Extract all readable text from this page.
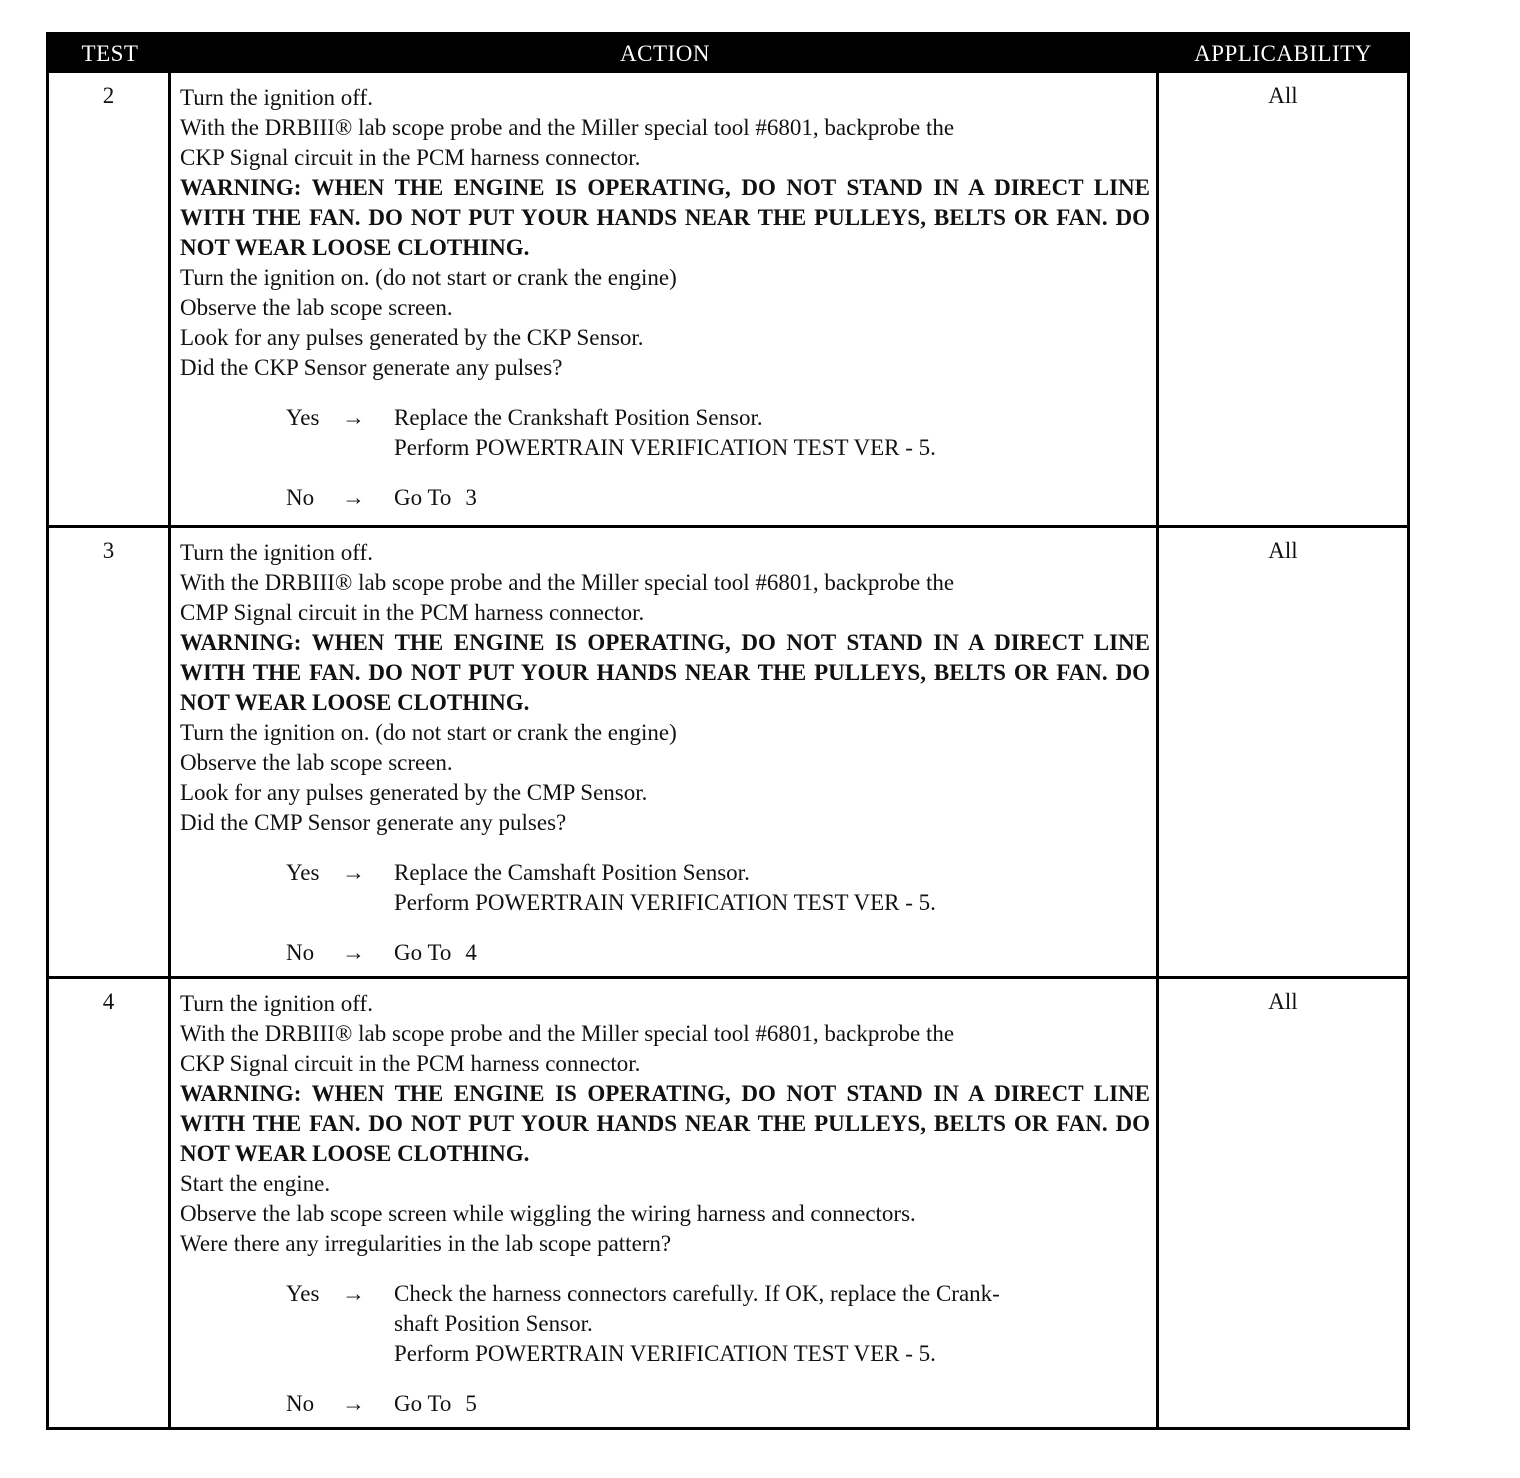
TEST	ACTION	APPLICABILITY
2	Turn the ignition off.
With the DRBIII® lab scope probe and the Miller special tool #6801, backprobe the
CKP Signal circuit in the PCM harness connector.
WARNING: WHEN THE ENGINE IS OPERATING, DO NOT STAND IN A DIRECT LINE WITH THE FAN. DO NOT PUT YOUR HANDS NEAR THE PULLEYS, BELTS OR FAN. DO NOT WEAR LOOSE CLOTHING.
Turn the ignition on. (do not start or crank the engine)
Observe the lab scope screen.
Look for any pulses generated by the CKP Sensor.
Did the CKP Sensor generate any pulses?
Yes →	Replace the Crankshaft Position Sensor.
Perform POWERTRAIN VERIFICATION TEST VER - 5.
No	→	Go To 3
All
3	Turn the ignition off.
With the DRBIII® lab scope probe and the Miller special tool #6801, backprobe the
CMP Signal circuit in the PCM harness connector.
WARNING: WHEN THE ENGINE IS OPERATING, DO NOT STAND IN A DIRECT LINE WITH THE FAN. DO NOT PUT YOUR HANDS NEAR THE PULLEYS, BELTS OR FAN. DO NOT WEAR LOOSE CLOTHING.
Turn the ignition on. (do not start or crank the engine)
Observe the lab scope screen.
Look for any pulses generated by the CMP Sensor.
Did the CMP Sensor generate any pulses?
Yes →	Replace the Camshaft Position Sensor.
Perform POWERTRAIN VERIFICATION TEST VER - 5.
No	→	Go To 4
All
4	Turn the ignition off.
With the DRBIII® lab scope probe and the Miller special tool #6801, backprobe the
CKP Signal circuit in the PCM harness connector.
WARNING: WHEN THE ENGINE IS OPERATING, DO NOT STAND IN A DIRECT LINE WITH THE FAN. DO NOT PUT YOUR HANDS NEAR THE PULLEYS, BELTS OR FAN. DO NOT WEAR LOOSE CLOTHING.
Start the engine.
Observe the lab scope screen while wiggling the wiring harness and connectors.
Were there any irregularities in the lab scope pattern?
Yes →	Check the harness connectors carefully. If OK, replace the Crank-
shaft Position Sensor.
Perform POWERTRAIN VERIFICATION TEST VER - 5.
No	→	Go To 5
All
